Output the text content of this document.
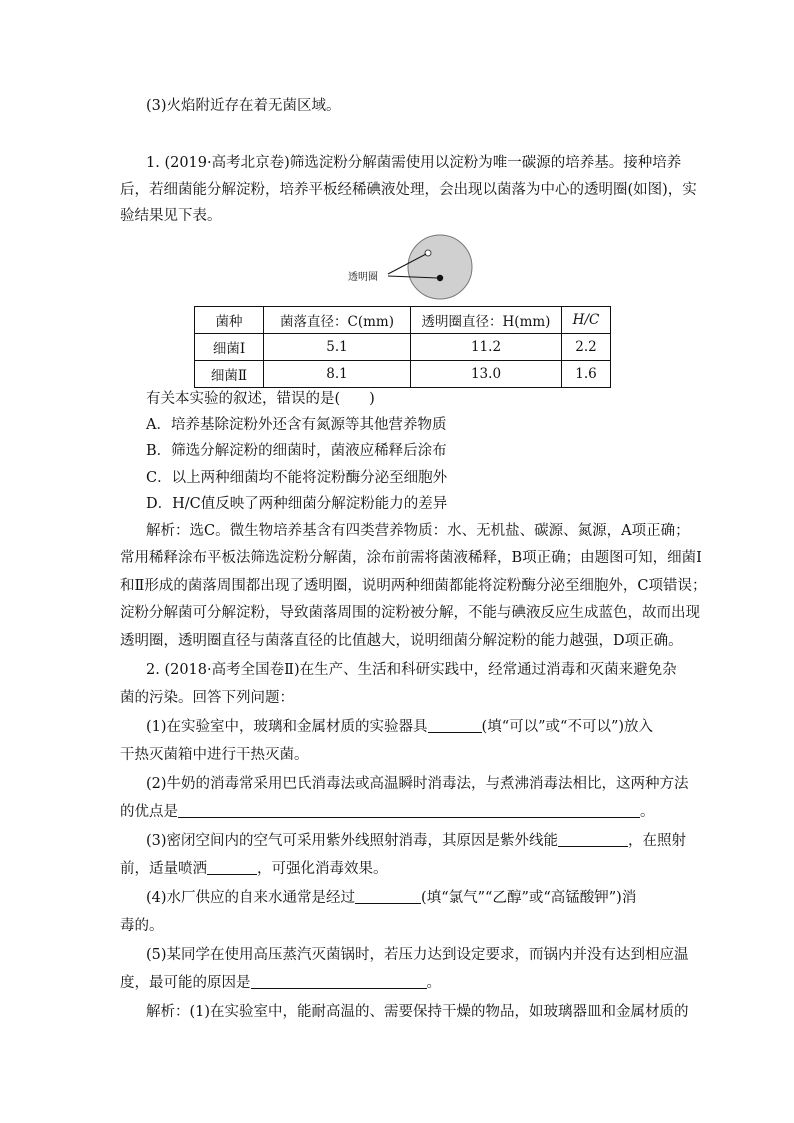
(3)火焰附近存在着无菌区域。
1. (2019·高考北京卷)筛选淀粉分解菌需使用以淀粉为唯一碳源的培养基。接种培养
后，若细菌能分解淀粉，培养平板经稀碘液处理，会出现以菌落为中心的透明圈(如图)，实
验结果见下表。
透明圈
菌种	菌落直径：C(mm)	透明圈直径：H(mm)	H/C
细菌Ⅰ	5.1	11.2	2.2
细菌Ⅱ	8.1	13.0	1.6
有关本实验的叙述，错误的是(　　)
A．培养基除淀粉外还含有氮源等其他营养物质
B．筛选分解淀粉的细菌时，菌液应稀释后涂布
C．以上两种细菌均不能将淀粉酶分泌至细胞外
D．H/C值反映了两种细菌分解淀粉能力的差异
解析：选C。微生物培养基含有四类营养物质：水、无机盐、碳源、氮源，A项正确；
常用稀释涂布平板法筛选淀粉分解菌，涂布前需将菌液稀释，B项正确；由题图可知，细菌Ⅰ
和Ⅱ形成的菌落周围都出现了透明圈，说明两种细菌都能将淀粉酶分泌至细胞外，C项错误；
淀粉分解菌可分解淀粉，导致菌落周围的淀粉被分解，不能与碘液反应生成蓝色，故而出现
透明圈，透明圈直径与菌落直径的比值越大，说明细菌分解淀粉的能力越强，D项正确。
2. (2018·高考全国卷Ⅱ)在生产、生活和科研实践中，经常通过消毒和灭菌来避免杂
菌的污染。回答下列问题：
(1)在实验室中，玻璃和金属材质的实验器具	(填“可以”或“不可以”)放入
干热灭菌箱中进行干热灭菌。
(2)牛奶的消毒常采用巴氏消毒法或高温瞬时消毒法，与煮沸消毒法相比，这两种方法
的优点是	。
(3)密闭空间内的空气可采用紫外线照射消毒，其原因是紫外线能	，在照射
前，适量喷洒	，可强化消毒效果。
(4)水厂供应的自来水通常是经过	(填“氯气”“乙醇”或“高锰酸钾”)消
毒的。
(5)某同学在使用高压蒸汽灭菌锅时，若压力达到设定要求，而锅内并没有达到相应温
度，最可能的原因是	。
解析：(1)在实验室中，能耐高温的、需要保持干燥的物品，如玻璃器皿和金属材质的
